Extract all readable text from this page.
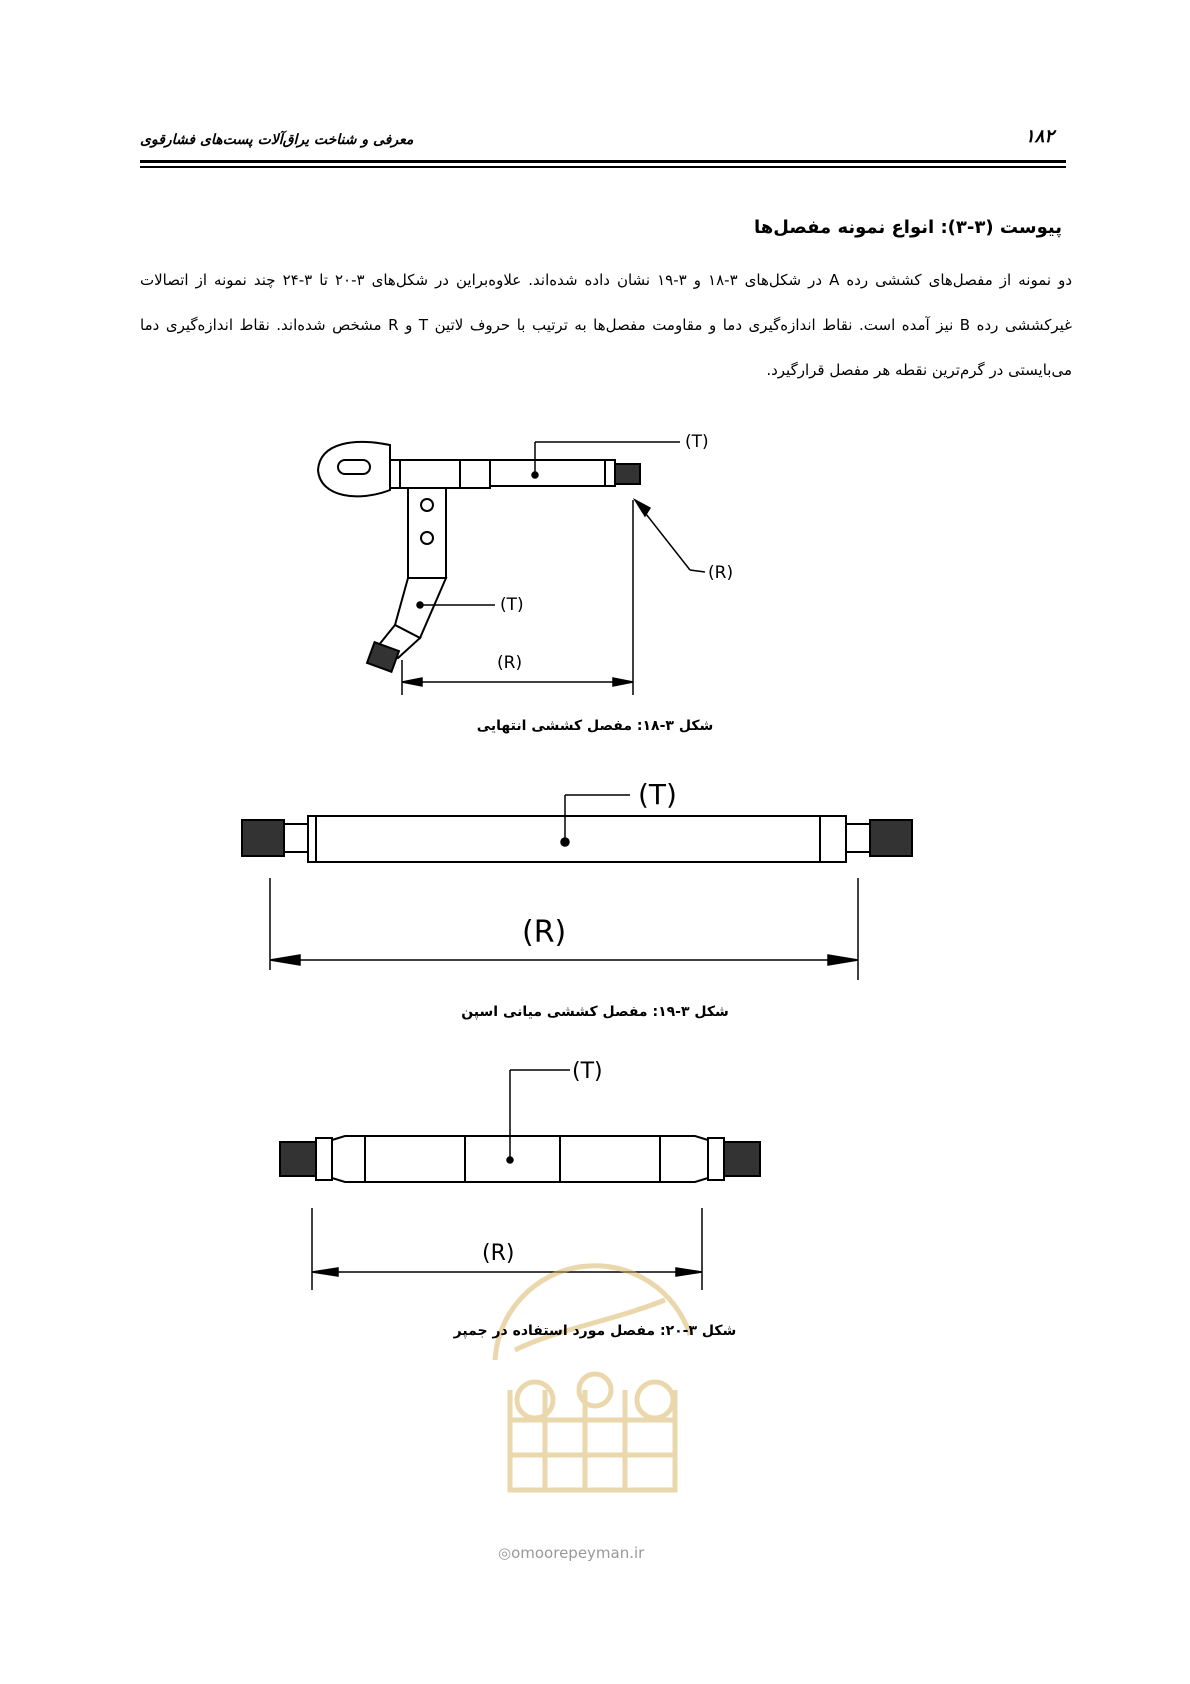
معرفی و شناخت یراق‌آلات پست‌های فشارقوی	۱۸۲
پیوست (۳-۳): انواع نمونه مفصل‌ها
دو نمونه از مفصل‌های کششی رده A در شکل‌های ۳-۱۸ و ۳-۱۹ نشان داده شده‌اند. علاوه‌براین در شکل‌های ۳-۲۰ تا ۳-۲۴ چند نمونه از اتصالات غیرکششی رده B نیز آمده است. نقاط اندازه‌گیری دما و مقاومت مفصل‌ها به ترتیب با حروف لاتین T و R مشخص شده‌اند. نقاط اندازه‌گیری دما می‌بایستی در گرم‌ترین نقطه هر مفصل قرارگیرد.
(T)
(R)
(T)
(R)
شکل ۳-۱۸: مفصل کششی انتهایی
(T)
(R)
شکل ۳-۱۹: مفصل کششی میانی اسپن
(T)
(R)
شکل ۳-۲۰: مفصل مورد استفاده در جمپر
◎omoorepeyman.ir
